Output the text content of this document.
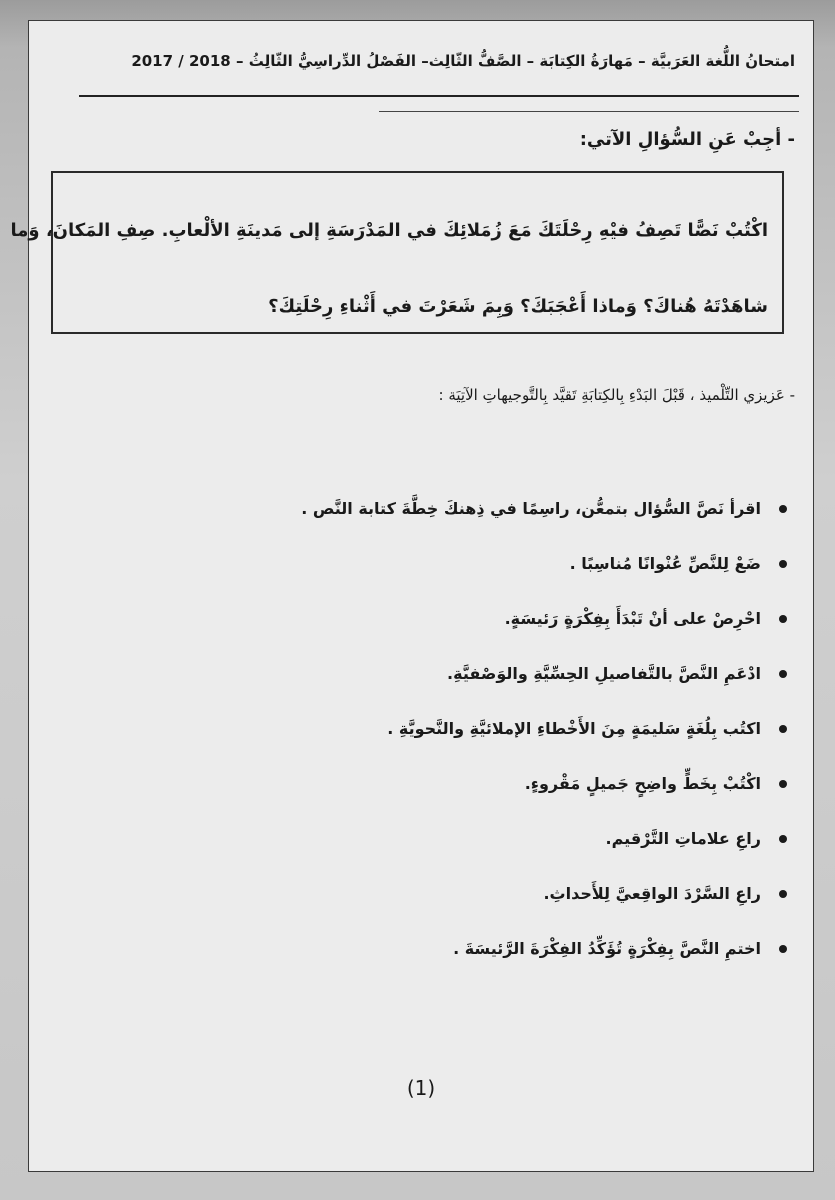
امتحانُ اللُّغة العَرَبيَّة – مَهارَةُ الكِتابَة – الصَّفُّ الثّالِث– الفَصْلُ الدِّراسِيُّ الثّالِثُ – 2018 / 2017
- أجِبْ عَنِ السُّؤالِ الآتي:
اكْتُبْ نَصًّا تَصِفُ فيْهِ رِحْلَتَكَ مَعَ زُمَلائِكَ في المَدْرَسَةِ إلى مَدينَةِ الألْعابِ. صِفِ المَكانَ، وَما
شاهَدْتَهُ هُناكَ؟ وَماذا أَعْجَبَكَ؟ وَبِمَ شَعَرْتَ في أَثْناءِ رِحْلَتِكَ؟
- عَزيزي التِّلْميذ ، قَبْلَ البَدْءِ بِالكِتابَةِ تَقيَّد بِالتَّوجيهاتِ الآتِيَة :
اقرأ نَصَّ السُّؤال بتمعُّن، راسِمًا في ذِهنكَ خِطَّةَ كتابة النَّص .
ضَعْ لِلنَّصِّ عُنْوانًا مُناسِبًا .
احْرِصْ على أنْ تَبْدَأَ بِفِكْرَةٍ رَئيسَةٍ.
ادْعَمِ النَّصَّ بالتَّفاصيلِ الحِسِّيَّةِ والوَصْفيَّةِ.
اكتُب بِلُغَةٍ سَليمَةٍ مِنَ الأَخْطاءِ الإملائيَّةِ والنَّحويَّةِ .
اكْتُبْ بِخَطٍّ واضِحٍ جَميلٍ مَقْروءٍ.
راعِ علاماتِ التَّرْقيم.
راعِ السَّرْدَ الواقِعيَّ لِلأَحداثِ.
اختمِ النَّصَّ بِفِكْرَةٍ تُؤَكِّدُ الفِكْرَةَ الرَّئيسَةَ .
(1)
